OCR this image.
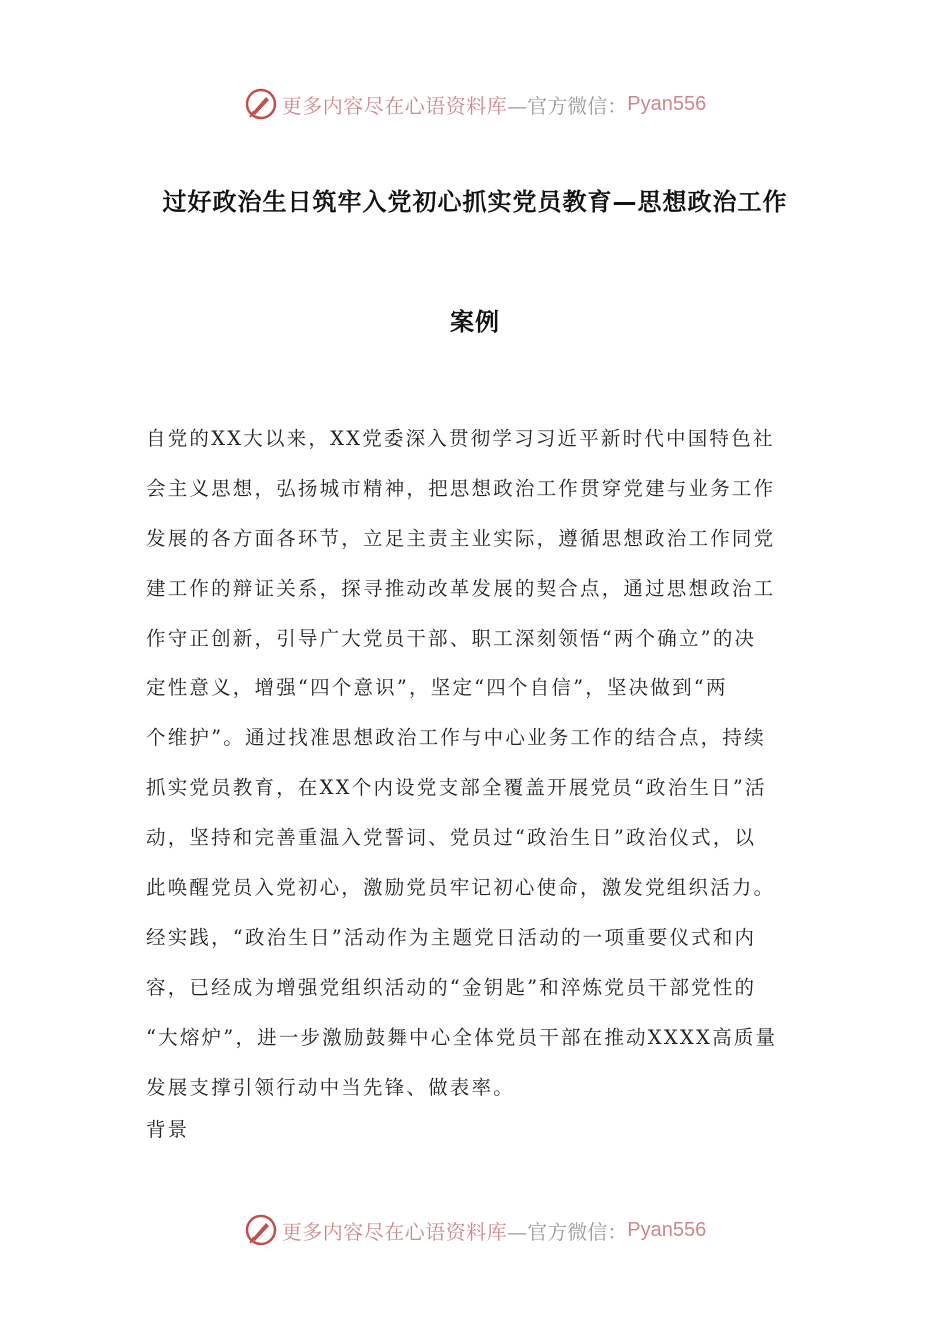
更多内容尽在心语资料库 —官方微信： Pyan556
过好政治生日筑牢入党初心抓实党员教育—思想政治工作
案例
自党的XX大以来，XX党委深入贯彻学习习近平新时代中国特色社
会主义思想，弘扬城市精神，把思想政治工作贯穿党建与业务工作
发展的各方面各环节，立足主责主业实际，遵循思想政治工作同党
建工作的辩证关系，探寻推动改革发展的契合点，通过思想政治工
作守正创新，引导广大党员干部、职工深刻领悟“两个确立”的决
定性意义，增强“四个意识”，坚定“四个自信”，坚决做到“两
个维护”。通过找准思想政治工作与中心业务工作的结合点，持续
抓实党员教育，在XX个内设党支部全覆盖开展党员“政治生日”活
动，坚持和完善重温入党誓词、党员过“政治生日”政治仪式，以
此唤醒党员入党初心，激励党员牢记初心使命，激发党组织活力。
经实践，“政治生日”活动作为主题党日活动的一项重要仪式和内
容，已经成为增强党组织活动的“金钥匙”和淬炼党员干部党性的
“大熔炉”，进一步激励鼓舞中心全体党员干部在推动XXXX高质量
发展支撑引领行动中当先锋、做表率。
背景
更多内容尽在心语资料库 —官方微信： Pyan556
